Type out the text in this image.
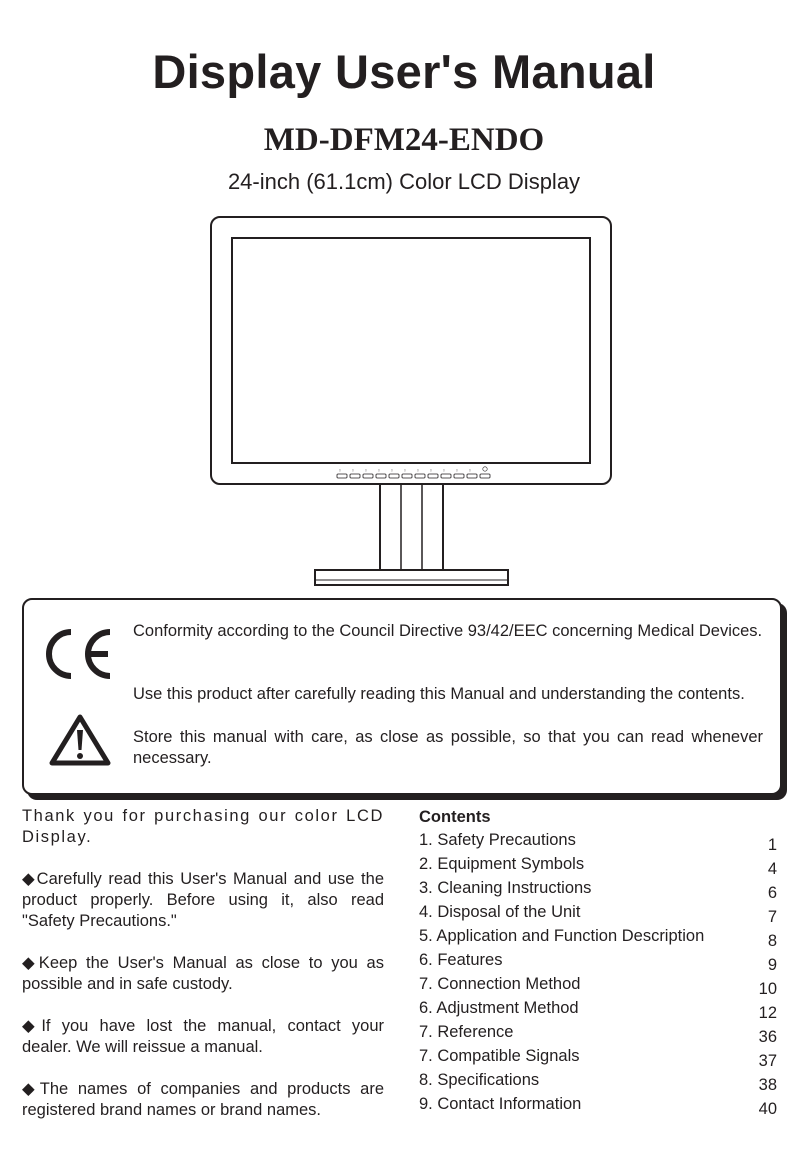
Display User's Manual
MD-DFM24-ENDO
24-inch (61.1cm) Color LCD Display
▯	▯	▯	▯	▯	▯	▯	▯	▯	▯	▯

Conformity according to the Council Directive 93/42/EEC concerning Medical Devices.

Use this product after carefully reading this Manual and understanding the contents.

Store this manual with care, as close as possible, so that you can read whenever necessary.

Thank you for purchasing our color LCD Display.

◆Carefully read this User's Manual and use the product properly. Before using it, also read "Safety Precautions."

◆Keep the User's Manual as close to you as possible and in safe custody.

◆If you have lost the manual, contact your dealer. We will reissue a manual.

◆The names of companies and products are registered brand names or brand names.

Contents
1. Safety Precautions	1
2. Equipment Symbols	4
3. Cleaning Instructions	6
4. Disposal of the Unit	7
5. Application and Function Description	8
6. Features	9
7. Connection Method	10
6. Adjustment Method	12
7. Reference	36
7. Compatible Signals	37
8. Specifications	38
9. Contact Information	40
